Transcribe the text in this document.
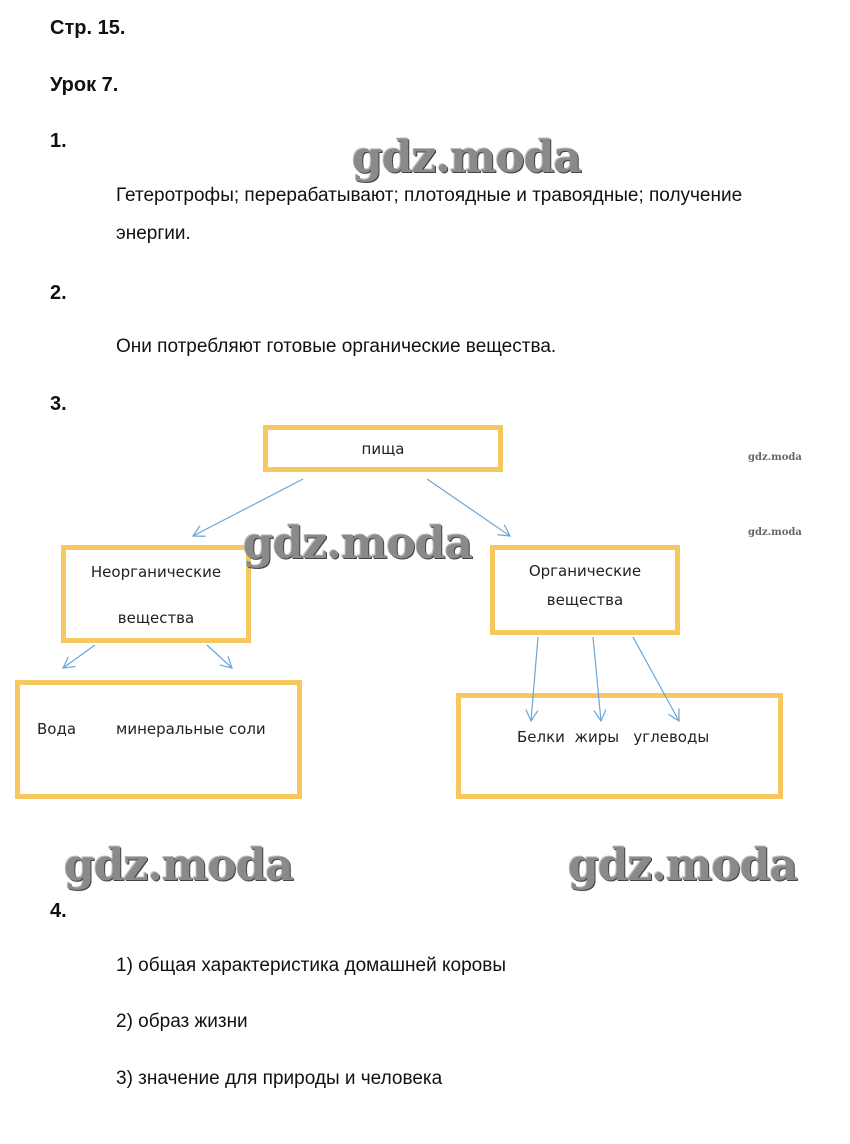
Стр. 15.
Урок 7.
1.
Гетеротрофы; перерабатывают; плотоядные и травоядные; получение
энергии.
2.
Они потребляют готовые органические вещества.
3.
пища
Неорганические
вещества
Органические
вещества
Вода	минеральные соли	Белки  жиры   углеводы
4.
1) общая характеристика домашней коровы
2) образ жизни
3) значение для природы и человека
gdz.moda
gdz.moda
gdz.moda	gdz.moda
gdz.moda
gdz.moda
